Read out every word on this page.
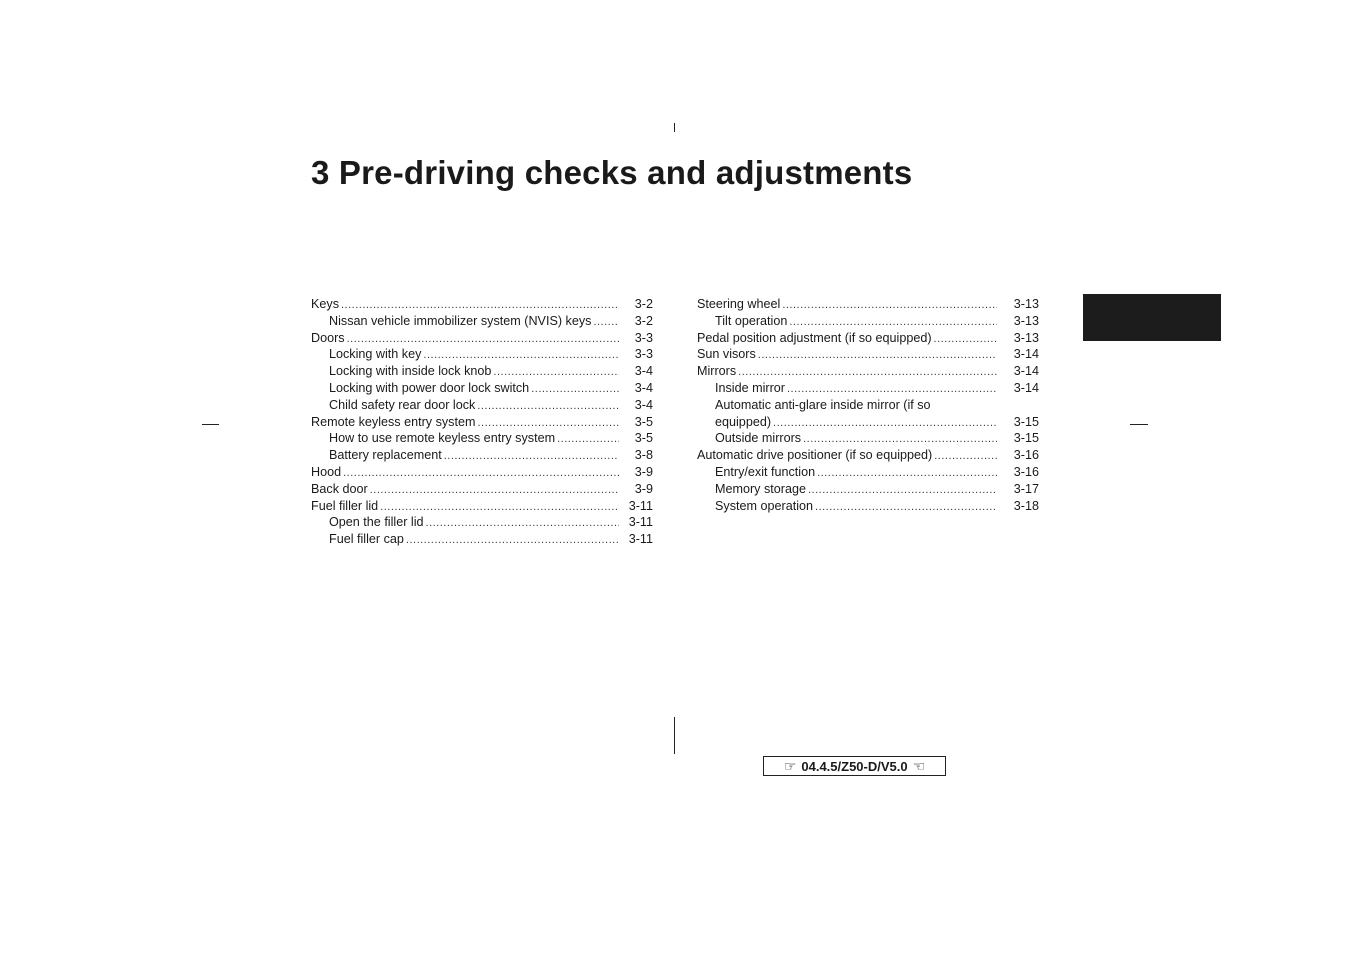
3 Pre-driving checks and adjustments
Keys .....	3-2
Nissan vehicle immobilizer system (NVIS) keys .....	3-2
Doors .....	3-3
Locking with key .....	3-3
Locking with inside lock knob .....	3-4
Locking with power door lock switch .....	3-4
Child safety rear door lock .....	3-4
Remote keyless entry system .....	3-5
How to use remote keyless entry system .....	3-5
Battery replacement .....	3-8
Hood .....	3-9
Back door .....	3-9
Fuel filler lid .....	3-11
Open the filler lid .....	3-11
Fuel filler cap .....	3-11
Steering wheel .....	3-13
Tilt operation .....	3-13
Pedal position adjustment (if so equipped) .....	3-13
Sun visors .....	3-14
Mirrors .....	3-14
Inside mirror .....	3-14
Automatic anti-glare inside mirror (if so
equipped) .....	3-15
Outside mirrors .....	3-15
Automatic drive positioner (if so equipped) .....	3-16
Entry/exit function .....	3-16
Memory storage .....	3-17
System operation .....	3-18
☞ 04.4.5/Z50-D/V5.0 ☜
